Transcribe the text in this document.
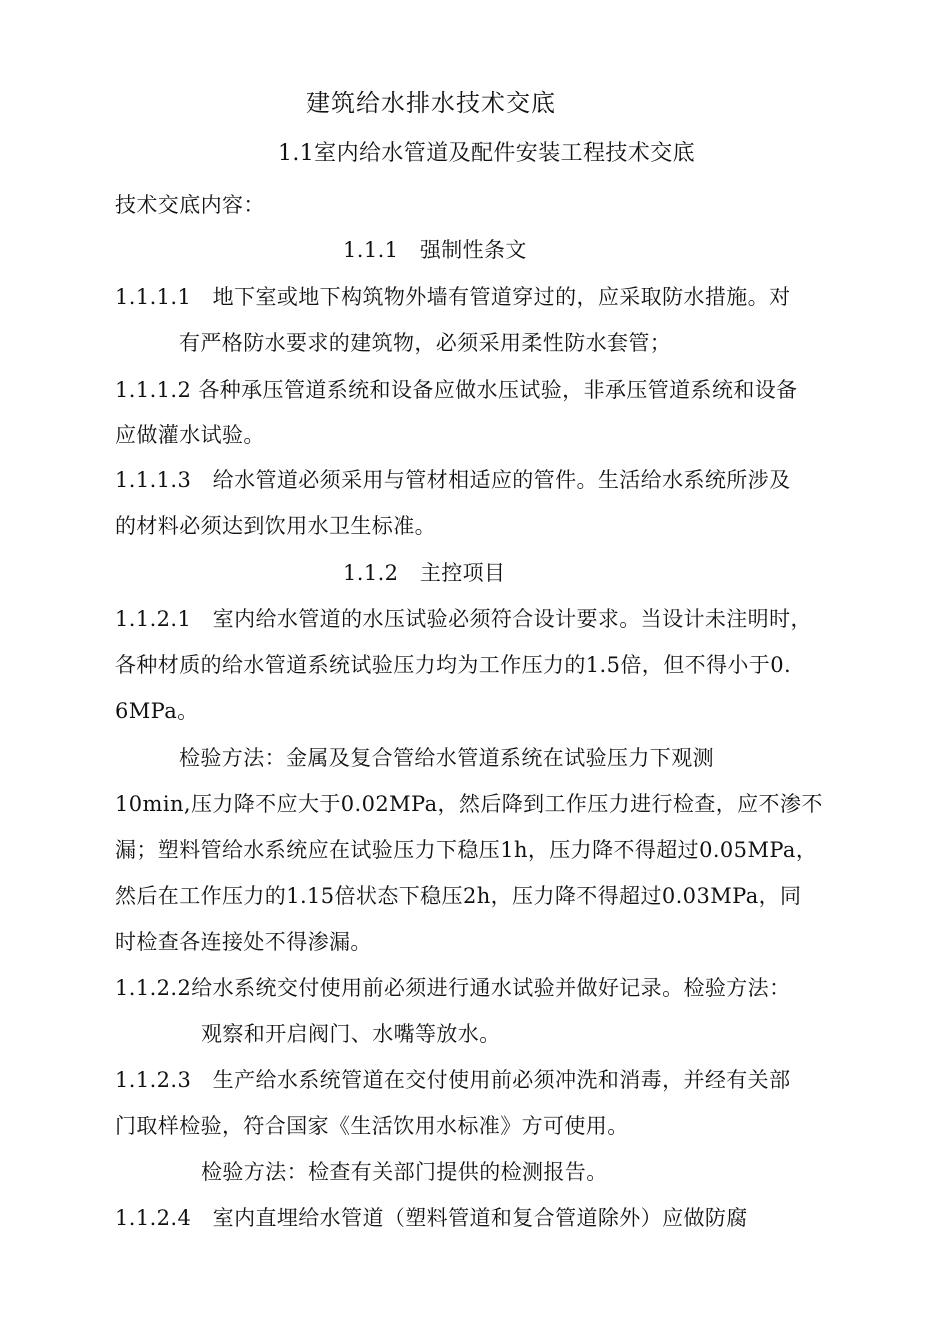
建筑给水排水技术交底
1.1室内给水管道及配件安装工程技术交底
技术交底内容：
1.1.1　强制性条文
1.1.1.1　地下室或地下构筑物外墙有管道穿过的，应采取防水措施。对
有严格防水要求的建筑物，必须采用柔性防水套管；
1.1.1.2 各种承压管道系统和设备应做水压试验，非承压管道系统和设备
应做灌水试验。
1.1.1.3　给水管道必须采用与管材相适应的管件。生活给水系统所涉及
的材料必须达到饮用水卫生标准。
1.1.2　主控项目
1.1.2.1　室内给水管道的水压试验必须符合设计要求。当设计未注明时，
各种材质的给水管道系统试验压力均为工作压力的1.5倍，但不得小于0.
6MPa。
检验方法：金属及复合管给水管道系统在试验压力下观测
10min,压力降不应大于0.02MPa，然后降到工作压力进行检查，应不渗不
漏；塑料管给水系统应在试验压力下稳压1h，压力降不得超过0.05MPa，
然后在工作压力的1.15倍状态下稳压2h，压力降不得超过0.03MPa，同
时检查各连接处不得渗漏。
1.1.2.2给水系统交付使用前必须进行通水试验并做好记录。检验方法：
观察和开启阀门、水嘴等放水。
1.1.2.3　生产给水系统管道在交付使用前必须冲洗和消毒，并经有关部
门取样检验，符合国家《生活饮用水标准》方可使用。
检验方法：检查有关部门提供的检测报告。
1.1.2.4　室内直埋给水管道（塑料管道和复合管道除外）应做防腐
